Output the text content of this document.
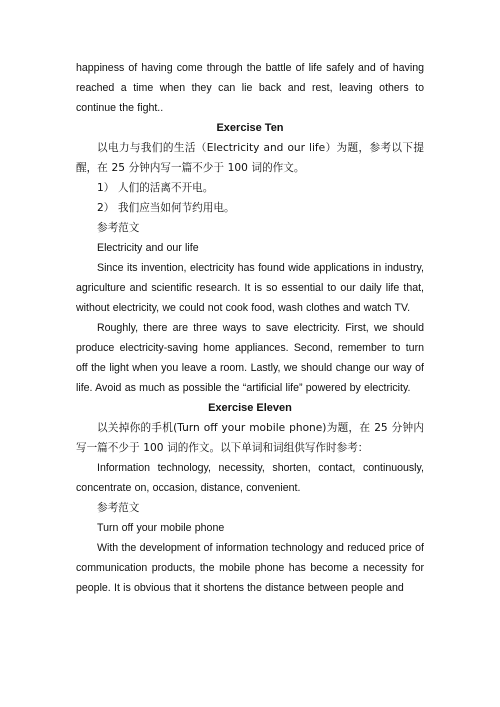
happiness of having come through the battle of life safely and of having reached a time when they can lie back and rest, leaving others to continue the fight..

Exercise Ten

以电力与我们的生活（Electricity and our life）为题，参考以下提醒，在 25 分钟内写一篇不少于 100 词的作文。

1） 人们的活离不开电。

2） 我们应当如何节约用电。

参考范文

Electricity and our life

Since its invention, electricity has found wide applications in industry, agriculture and scientific research. It is so essential to our daily life that, without electricity, we could not cook food, wash clothes and watch TV.

Roughly, there are three ways to save electricity. First, we should produce electricity-saving home appliances. Second, remember to turn off the light when you leave a room. Lastly, we should change our way of life. Avoid as much as possible the “artificial life” powered by electricity.

Exercise Eleven

以关掉你的手机(Turn off your mobile phone)为题，在 25 分钟内写一篇不少于 100 词的作文。以下单词和词组供写作时参考：

Information technology, necessity, shorten, contact, continuously, concentrate on, occasion, distance, convenient.

参考范文

Turn off your mobile phone

With the development of information technology and reduced price of communication products, the mobile phone has become a necessity for people. It is obvious that it shortens the distance between people and
